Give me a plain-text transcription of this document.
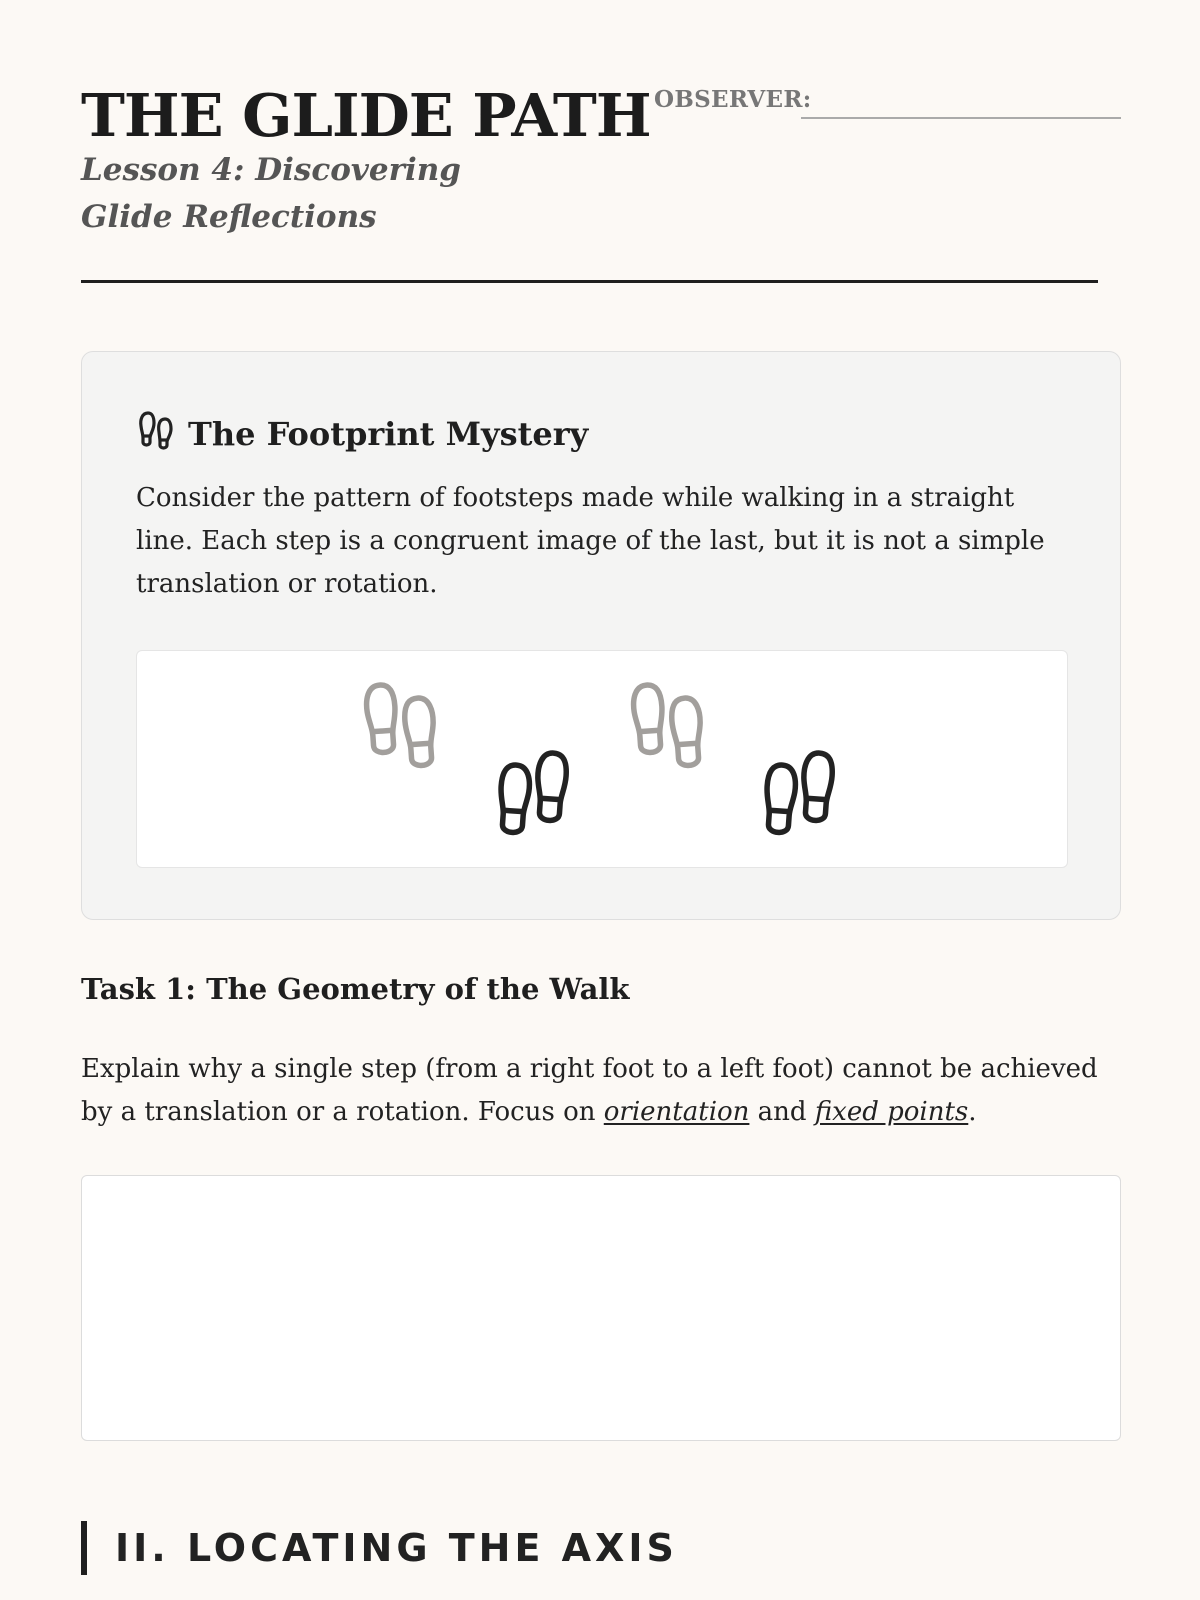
THE GLIDE PATH

Lesson 4: Discovering Glide Reflections

OBSERVER:
The Footprint Mystery

Consider the pattern of footsteps made while walking in a straight line. Each step is a congruent image of the last, but it is not a simple translation or rotation.

Task 1: The Geometry of the Walk

Explain why a single step (from a right foot to a left foot) cannot be achieved by a translation or a rotation. Focus on orientation and fixed points.

II. LOCATING THE AXIS
